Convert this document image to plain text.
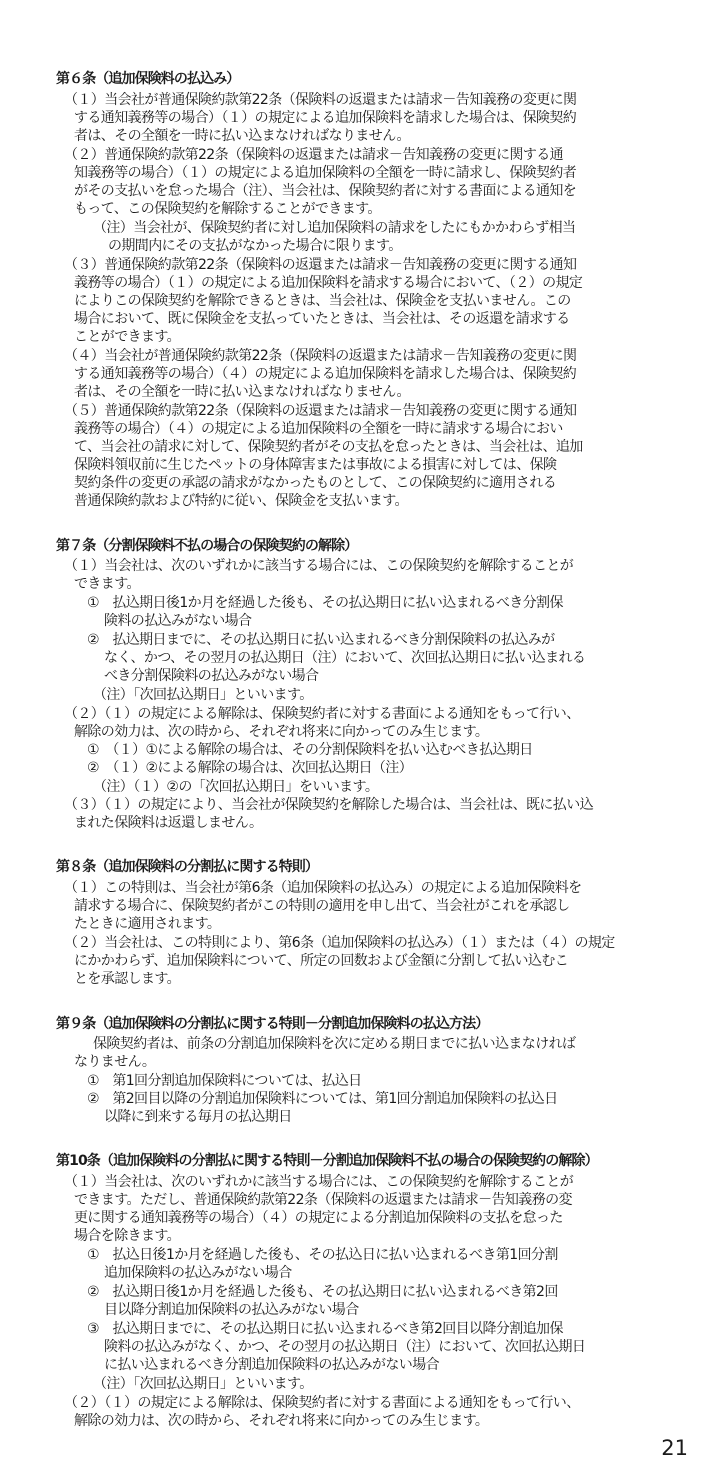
21
第６条（追加保険料の払込み）
（１）当会社が普通保険約款第22条（保険料の返還または請求－告知義務の変更に関
する通知義務等の場合）（１）の規定による追加保険料を請求した場合は、保険契約
者は、その全額を一時に払い込まなければなりません。
（２）普通保険約款第22条（保険料の返還または請求－告知義務の変更に関する通
知義務等の場合）（１）の規定による追加保険料の全額を一時に請求し、保険契約者
がその支払いを怠った場合（注）、当会社は、保険契約者に対する書面による通知を
もって、この保険契約を解除することができます。
（注）当会社が、保険契約者に対し追加保険料の請求をしたにもかかわらず相当
の期間内にその支払がなかった場合に限ります。
（３）普通保険約款第22条（保険料の返還または請求－告知義務の変更に関する通知
義務等の場合）（１）の規定による追加保険料を請求する場合において、（２）の規定
によりこの保険契約を解除できるときは、当会社は、保険金を支払いません。この
場合において、既に保険金を支払っていたときは、当会社は、その返還を請求する
ことができます。
（４）当会社が普通保険約款第22条（保険料の返還または請求－告知義務の変更に関
する通知義務等の場合）（４）の規定による追加保険料を請求した場合は、保険契約
者は、その全額を一時に払い込まなければなりません。
（５）普通保険約款第22条（保険料の返還または請求－告知義務の変更に関する通知
義務等の場合）（４）の規定による追加保険料の全額を一時に請求する場合におい
て、当会社の請求に対して、保険契約者がその支払を怠ったときは、当会社は、追加
保険料領収前に生じたペットの身体障害または事故による損害に対しては、保険
契約条件の変更の承認の請求がなかったものとして、この保険契約に適用される
普通保険約款および特約に従い、保険金を支払います。
第７条（分割保険料不払の場合の保険契約の解除）
（１）当会社は、次のいずれかに該当する場合には、この保険契約を解除することが
できます。
①　払込期日後1か月を経過した後も、その払込期日に払い込まれるべき分割保
険料の払込みがない場合
②　払込期日までに、その払込期日に払い込まれるべき分割保険料の払込みが
なく、かつ、その翌月の払込期日（注）において、次回払込期日に払い込まれる
べき分割保険料の払込みがない場合
（注）「次回払込期日」といいます。
（２）（１）の規定による解除は、保険契約者に対する書面による通知をもって行い、
解除の効力は、次の時から、それぞれ将来に向かってのみ生じます。
①　（１）①による解除の場合は、その分割保険料を払い込むべき払込期日
②　（１）②による解除の場合は、次回払込期日（注）
（注）（１）②の「次回払込期日」をいいます。
（３）（１）の規定により、当会社が保険契約を解除した場合は、当会社は、既に払い込
まれた保険料は返還しません。
第８条（追加保険料の分割払に関する特則）
（１）この特則は、当会社が第6条（追加保険料の払込み）の規定による追加保険料を
請求する場合に、保険契約者がこの特則の適用を申し出て、当会社がこれを承認し
たときに適用されます。
（２）当会社は、この特則により、第6条（追加保険料の払込み）（１）または（４）の規定
にかかわらず、追加保険料について、所定の回数および金額に分割して払い込むこ
とを承認します。
第９条（追加保険料の分割払に関する特則－分割追加保険料の払込方法）
保険契約者は、前条の分割追加保険料を次に定める期日までに払い込まなければ
なりません。
①　第1回分割追加保険料については、払込日
②　第2回目以降の分割追加保険料については、第1回分割追加保険料の払込日
以降に到来する毎月の払込期日
第10条（追加保険料の分割払に関する特則－分割追加保険料不払の場合の保険契約の解除）
（１）当会社は、次のいずれかに該当する場合には、この保険契約を解除することが
できます。ただし、普通保険約款第22条（保険料の返還または請求－告知義務の変
更に関する通知義務等の場合）（４）の規定による分割追加保険料の支払を怠った
場合を除きます。
①　払込日後1か月を経過した後も、その払込日に払い込まれるべき第1回分割
追加保険料の払込みがない場合
②　払込期日後1か月を経過した後も、その払込期日に払い込まれるべき第2回
目以降分割追加保険料の払込みがない場合
③　払込期日までに、その払込期日に払い込まれるべき第2回目以降分割追加保
険料の払込みがなく、かつ、その翌月の払込期日（注）において、次回払込期日
に払い込まれるべき分割追加保険料の払込みがない場合
（注）「次回払込期日」といいます。
（２）（１）の規定による解除は、保険契約者に対する書面による通知をもって行い、
解除の効力は、次の時から、それぞれ将来に向かってのみ生じます。
